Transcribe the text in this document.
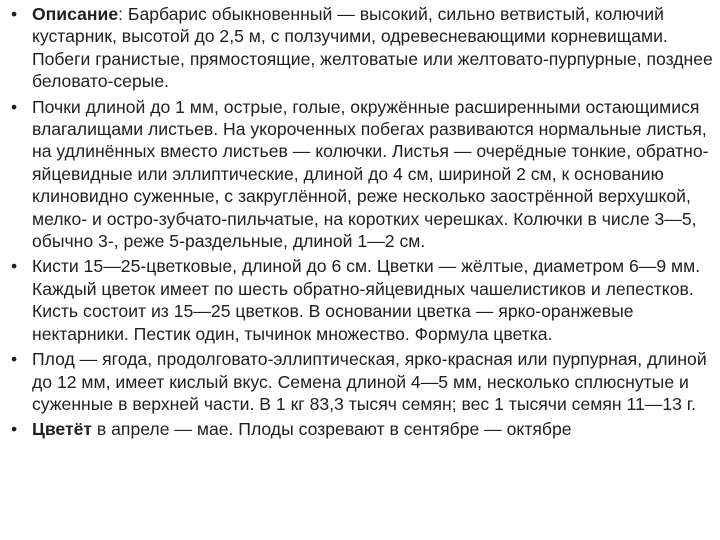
• Описание: Барбарис обыкновенный — высокий, сильно ветвистый, колючий кустарник, высотой до 2,5 м, с ползучими, одревесневающими корневищами. Побеги гранистые, прямостоящие, желтоватые или желтовато-пурпурные, позднее беловато-серые.
• Почки длиной до 1 мм, острые, голые, окружённые расширенными остающимися влагалищами листьев. На укороченных побегах развиваются нормальные листья, на удлинённых вместо листьев — колючки. Листья — очерёдные тонкие, обратно-яйцевидные или эллиптические, длиной до 4 см, шириной 2 см, к основанию клиновидно суженные, с закруглённой, реже несколько заострённой верхушкой, мелко- и остро-зубчато-пильчатые, на коротких черешках. Колючки в числе 3—5, обычно 3-, реже 5-раздельные, длиной 1—2 см.
• Кисти 15—25-цветковые, длиной до 6 см. Цветки — жёлтые, диаметром 6—9 мм. Каждый цветок имеет по шесть обратно-яйцевидных чашелистиков и лепестков. Кисть состоит из 15—25 цветков. В основании цветка — ярко-оранжевые нектарники. Пестик один, тычинок множество. Формула цветка.
• Плод — ягода, продолговато-эллиптическая, ярко-красная или пурпурная, длиной до 12 мм, имеет кислый вкус. Семена длиной 4—5 мм, несколько сплюснутые и суженные в верхней части. В 1 кг 83,3 тысяч семян; вес 1 тысячи семян 11—13 г.
• Цветёт в апреле — мае. Плоды созревают в сентябре — октябре
